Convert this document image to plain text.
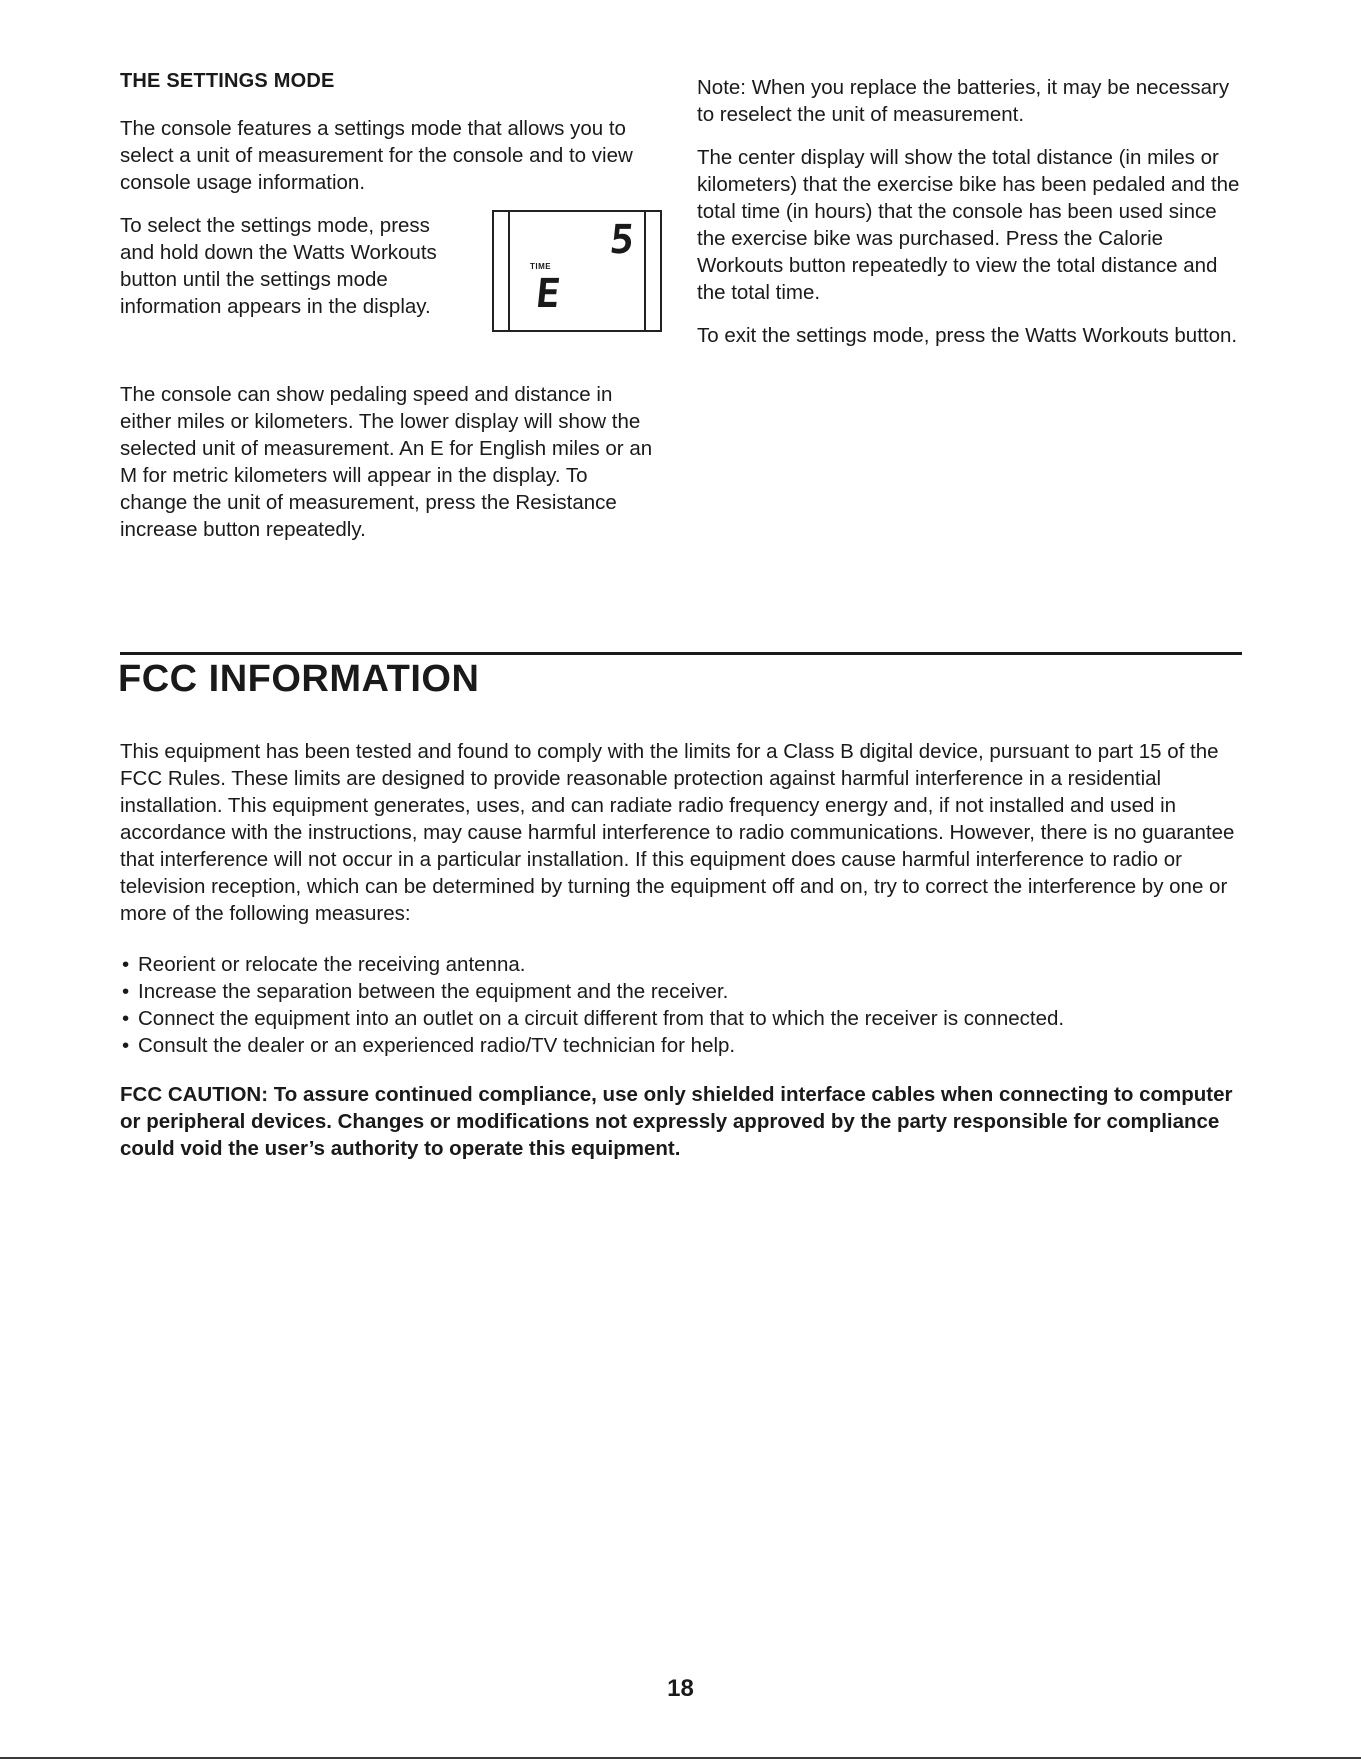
THE SETTINGS MODE

The console features a settings mode that allows you to select a unit of measurement for the console and to view console usage information.

To select the settings mode, press and hold down the Watts Workouts button until the settings mode information appears in the display.

5
TIME
E

The console can show pedaling speed and distance in either miles or kilometers. The lower display will show the selected unit of measurement. An E for English miles or an M for metric kilometers will appear in the display. To change the unit of measurement, press the Resistance increase button repeatedly.

Note: When you replace the batteries, it may be necessary to reselect the unit of measurement.

The center display will show the total distance (in miles or kilometers) that the exercise bike has been pedaled and the total time (in hours) that the console has been used since the exercise bike was purchased. Press the Calorie Workouts button repeatedly to view the total distance and the total time.

To exit the settings mode, press the Watts Workouts button.

FCC INFORMATION

This equipment has been tested and found to comply with the limits for a Class B digital device, pursuant to part 15 of the FCC Rules. These limits are designed to provide reasonable protection against harmful interference in a residential installation. This equipment generates, uses, and can radiate radio frequency energy and, if not installed and used in accordance with the instructions, may cause harmful interference to radio communications. However, there is no guarantee that interference will not occur in a particular installation. If this equipment does cause harmful interference to radio or television reception, which can be determined by turning the equipment off and on, try to correct the interference by one or more of the following measures:

• Reorient or relocate the receiving antenna.
• Increase the separation between the equipment and the receiver.
• Connect the equipment into an outlet on a circuit different from that to which the receiver is connected.
• Consult the dealer or an experienced radio/TV technician for help.

FCC CAUTION: To assure continued compliance, use only shielded interface cables when connecting to computer or peripheral devices. Changes or modifications not expressly approved by the party responsible for compliance could void the user’s authority to operate this equipment.

18
